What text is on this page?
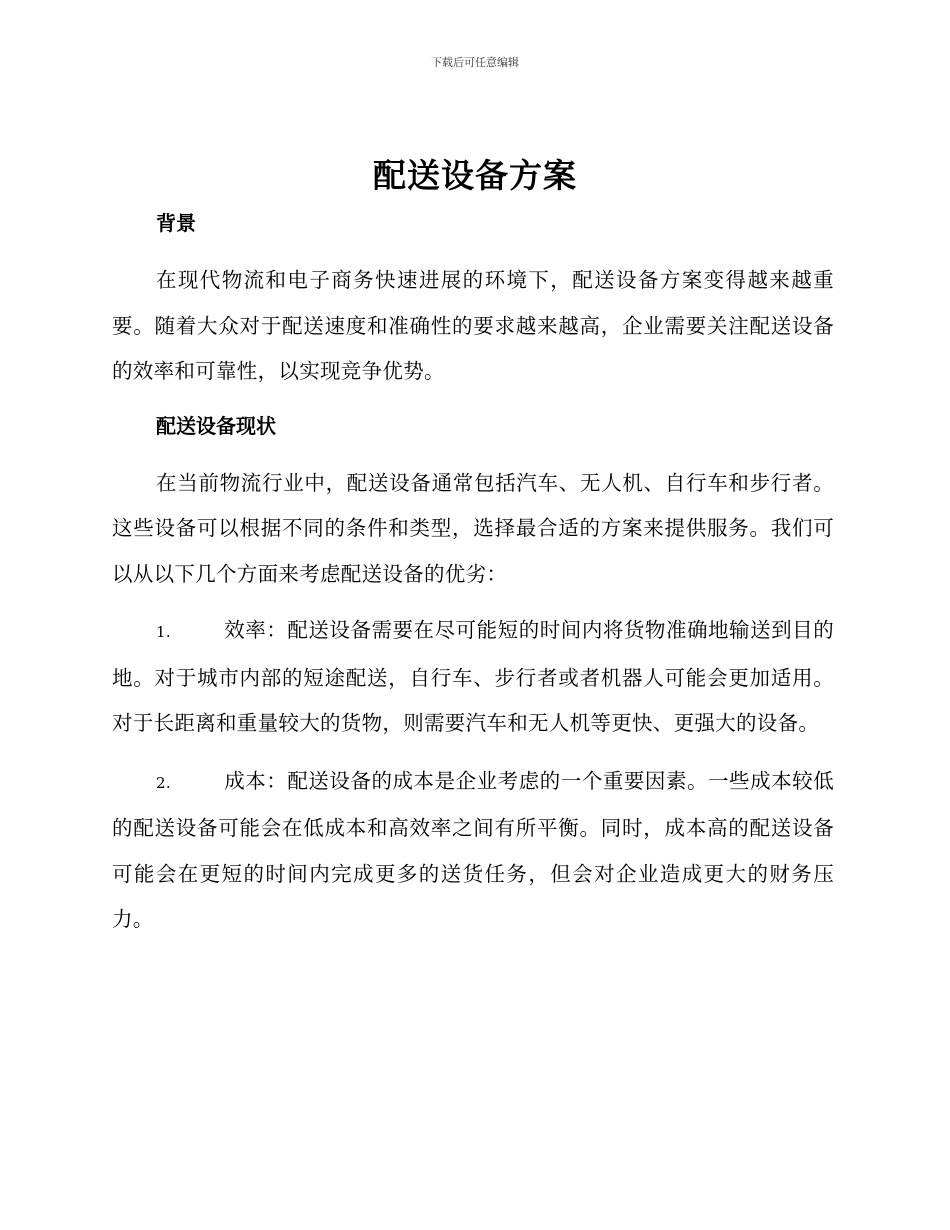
下载后可任意编辑
配送设备方案
背景

在现代物流和电子商务快速进展的环境下，配送设备方案变得越来越重要。随着大众对于配送速度和准确性的要求越来越高，企业需要关注配送设备的效率和可靠性，以实现竞争优势。

配送设备现状

在当前物流行业中，配送设备通常包括汽车、无人机、自行车和步行者。这些设备可以根据不同的条件和类型，选择最合适的方案来提供服务。我们可以从以下几个方面来考虑配送设备的优劣：

1.	效率：配送设备需要在尽可能短的时间内将货物准确地输送到目的地。对于城市内部的短途配送，自行车、步行者或者机器人可能会更加适用。对于长距离和重量较大的货物，则需要汽车和无人机等更快、更强大的设备。

2.	成本：配送设备的成本是企业考虑的一个重要因素。一些成本较低的配送设备可能会在低成本和高效率之间有所平衡。同时，成本高的配送设备可能会在更短的时间内完成更多的送货任务，但会对企业造成更大的财务压力。
